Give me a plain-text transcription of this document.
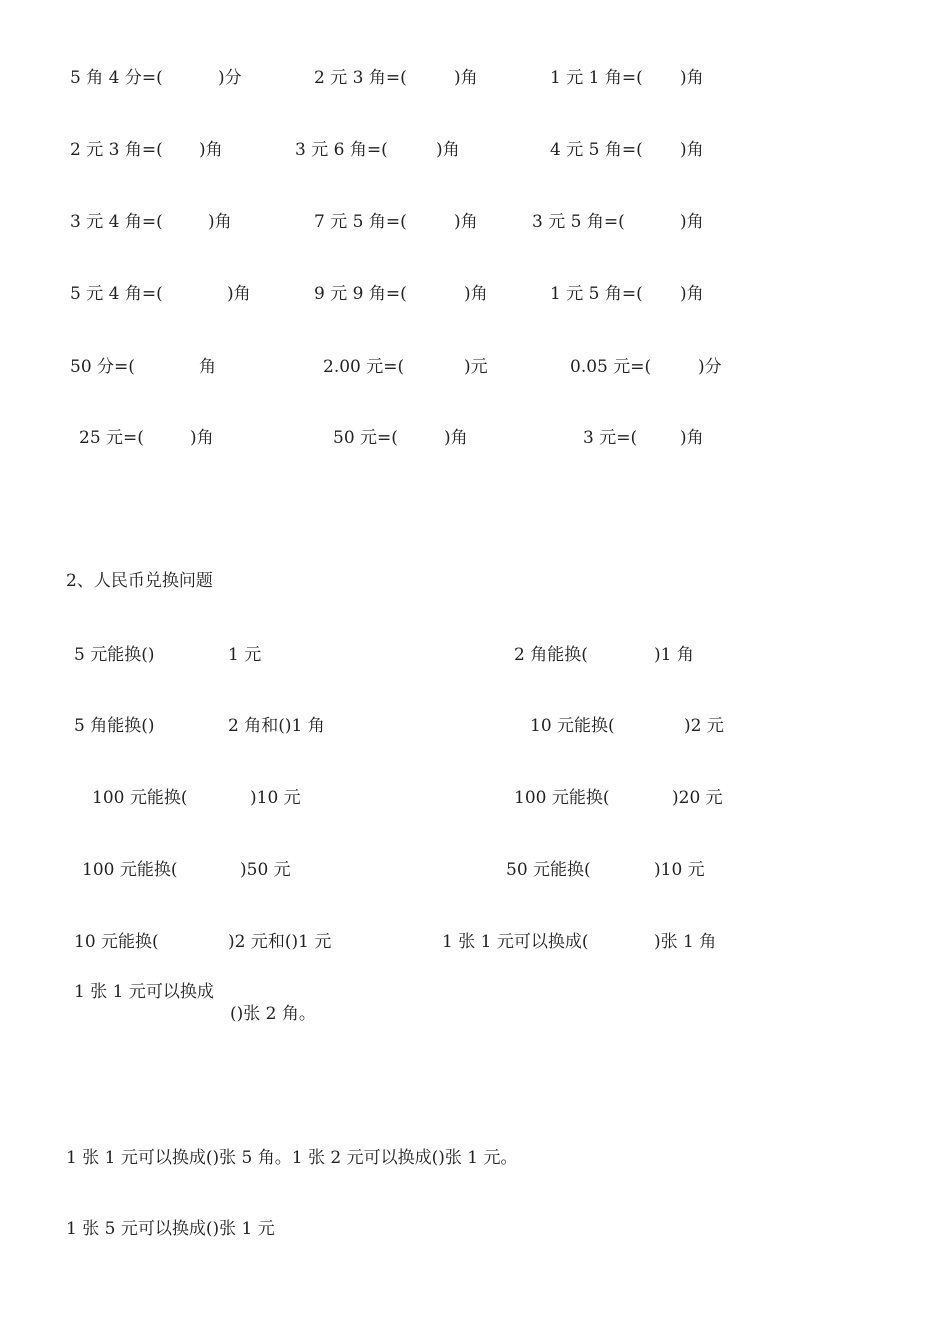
5 角 4 分=(	)分	2 元 3 角=(	)角	1 元 1 角=( )角
2 元 3 角=( )角	3 元 6 角=(	)角	4 元 5 角=( )角
3 元 4 角=(	)角	7 元 5 角=(	)角	3 元 5 角=(	)角
5 元 4 角=(	)角	9 元 9 角=(	)角	1 元 5 角=( )角
50 分=(	角	2.00 元=(	)元	0.05 元=(	)分
25 元=(	)角	50 元=(	)角	3 元=(	)角
2、人民币兑换问题
5 元能换()	1 元	2 角能换(	)1 角
5 角能换()	2 角和()1 角	10 元能换(	)2 元
100 元能换(	)10 元	100 元能换(	)20 元
100 元能换(	)50 元	50 元能换(	)10 元
10 元能换(	)2 元和()1 元	1 张 1 元可以换成(	)张 1 角
1 张 1 元可以换成
()张 2 角。
1 张 1 元可以换成()张 5 角。1 张 2 元可以换成()张 1 元。
1 张 5 元可以换成()张 1 元
